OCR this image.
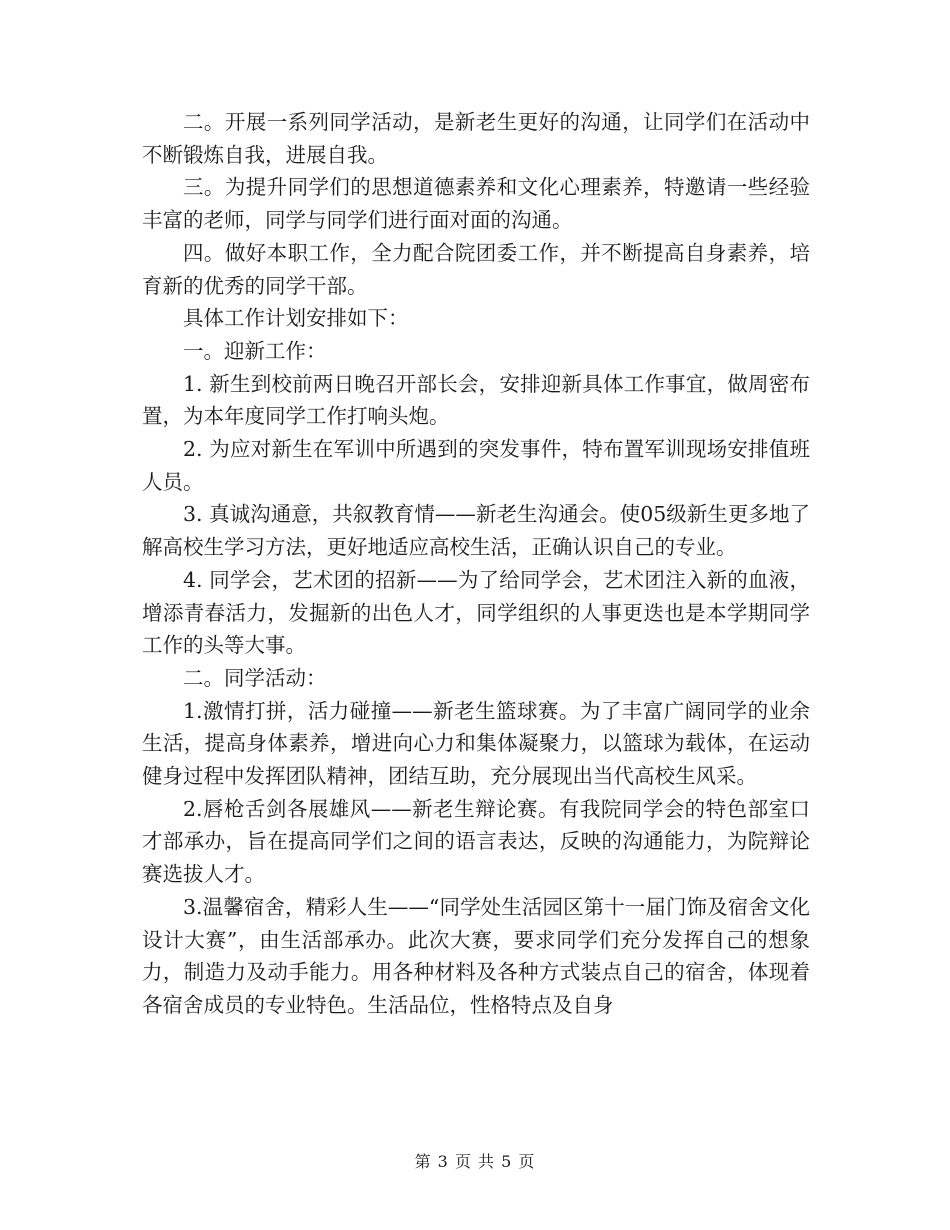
二。开展一系列同学活动，是新老生更好的沟通，让同学们在活动中不断锻炼自我，进展自我。

三。为提升同学们的思想道德素养和文化心理素养，特邀请一些经验丰富的老师，同学与同学们进行面对面的沟通。

四。做好本职工作，全力配合院团委工作，并不断提高自身素养，培育新的优秀的同学干部。

具体工作计划安排如下：

一。迎新工作：

1. 新生到校前两日晚召开部长会，安排迎新具体工作事宜，做周密布置，为本年度同学工作打响头炮。

2. 为应对新生在军训中所遇到的突发事件，特布置军训现场安排值班人员。

3. 真诚沟通意，共叙教育情——新老生沟通会。使05级新生更多地了解高校生学习方法，更好地适应高校生活，正确认识自己的专业。

4. 同学会，艺术团的招新——为了给同学会，艺术团注入新的血液，增添青春活力，发掘新的出色人才，同学组织的人事更迭也是本学期同学工作的头等大事。

二。同学活动：

1.激情打拼，活力碰撞——新老生篮球赛。为了丰富广阔同学的业余生活，提高身体素养，增进向心力和集体凝聚力，以篮球为载体，在运动健身过程中发挥团队精神，团结互助，充分展现出当代高校生风采。

2.唇枪舌剑各展雄风——新老生辩论赛。有我院同学会的特色部室口才部承办，旨在提高同学们之间的语言表达，反映的沟通能力，为院辩论赛选拔人才。

3.温馨宿舍，精彩人生——“同学处生活园区第十一届门饰及宿舍文化设计大赛”，由生活部承办。此次大赛，要求同学们充分发挥自己的想象力，制造力及动手能力。用各种材料及各种方式装点自己的宿舍，体现着各宿舍成员的专业特色。生活品位，性格特点及自身

第 3 页 共 5 页
